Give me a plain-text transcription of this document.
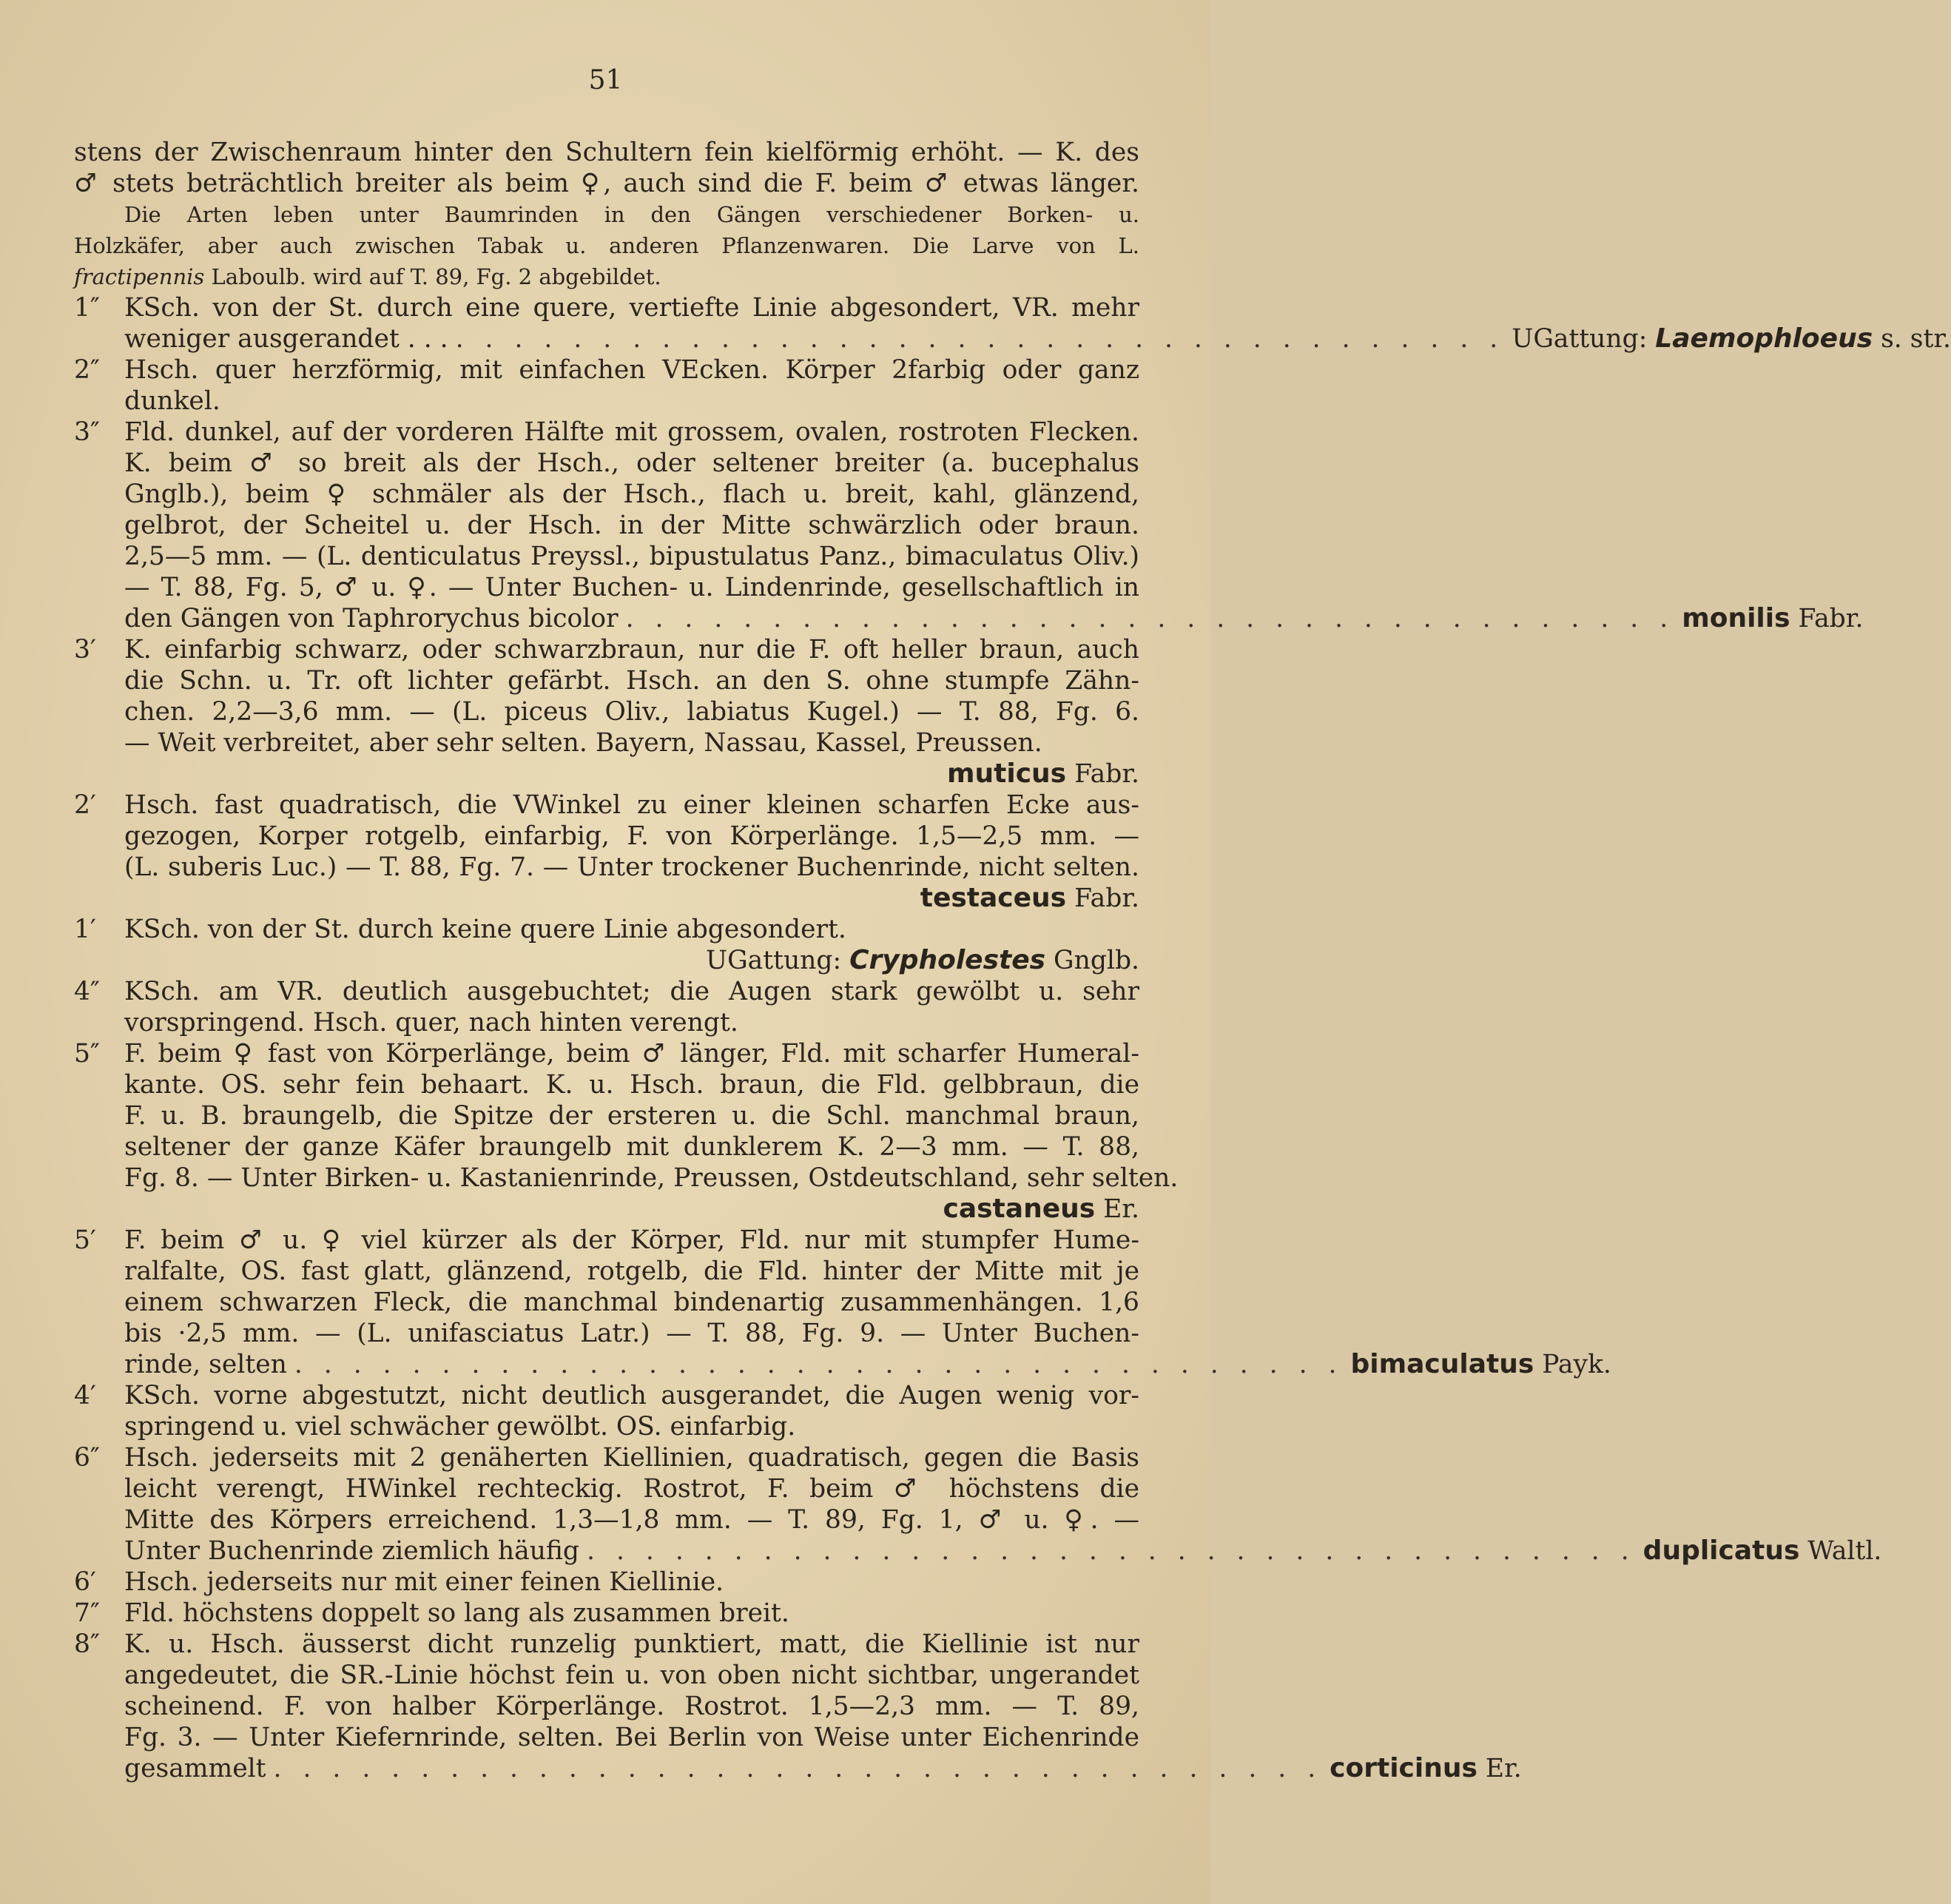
51
stens der Zwischenraum hinter den Schultern fein kielförmig erhöht. — K. des
♂ stets beträchtlich breiter als beim ♀, auch sind die F. beim ♂ etwas länger.
Die Arten leben unter Baumrinden in den Gängen verschiedener Borken- u.
Holzkäfer, aber auch zwischen Tabak u. anderen Pflanzenwaren. Die Larve von L.
fractipennis Laboulb. wird auf T. 89, Fg. 2 abgebildet.
1″ KSch. von der St. durch eine quere, vertiefte Linie abgesondert, VR. mehr
weniger ausgerandet . . . . . . . . . . . . . . . . . . . . . . . . . . . . . . . . . . . . . . . UGattung: Laemophloeus s. str.
2″ Hsch. quer herzförmig, mit einfachen VEcken. Körper 2farbig oder ganz
dunkel.
3″ Fld. dunkel, auf der vorderen Hälfte mit grossem, ovalen, rostroten Flecken.
K. beim ♂ so breit als der Hsch., oder seltener breiter (a. bucephalus
Gnglb.), beim ♀ schmäler als der Hsch., flach u. breit, kahl, glänzend,
gelbrot, der Scheitel u. der Hsch. in der Mitte schwärzlich oder braun.
2,5—5 mm. — (L. denticulatus Preyssl., bipustulatus Panz., bimaculatus Oliv.)
— T. 88, Fg. 5, ♂ u. ♀. — Unter Buchen- u. Lindenrinde, gesellschaftlich in
den Gängen von Taphrorychus bicolor . . . . . . . . . . . . . . . . . . . . . . . . . . . . . . . . . . . . monilis Fabr.
3′ K. einfarbig schwarz, oder schwarzbraun, nur die F. oft heller braun, auch
die Schn. u. Tr. oft lichter gefärbt. Hsch. an den S. ohne stumpfe Zähn-
chen. 2,2—3,6 mm. — (L. piceus Oliv., labiatus Kugel.) — T. 88, Fg. 6.
— Weit verbreitet, aber sehr selten. Bayern, Nassau, Kassel, Preussen.
muticus Fabr.
2′ Hsch. fast quadratisch, die VWinkel zu einer kleinen scharfen Ecke aus-
gezogen, Korper rotgelb, einfarbig, F. von Körperlänge. 1,5—2,5 mm. —
(L. suberis Luc.) — T. 88, Fg. 7. — Unter trockener Buchenrinde, nicht selten.
testaceus Fabr.
1′ KSch. von der St. durch keine quere Linie abgesondert.
UGattung: Crypholestes Gnglb.
4″ KSch. am VR. deutlich ausgebuchtet; die Augen stark gewölbt u. sehr
vorspringend. Hsch. quer, nach hinten verengt.
5″ F. beim ♀ fast von Körperlänge, beim ♂ länger, Fld. mit scharfer Humeral-
kante. OS. sehr fein behaart. K. u. Hsch. braun, die Fld. gelbbraun, die
F. u. B. braungelb, die Spitze der ersteren u. die Schl. manchmal braun,
seltener der ganze Käfer braungelb mit dunklerem K. 2—3 mm. — T. 88,
Fg. 8. — Unter Birken- u. Kastanienrinde, Preussen, Ostdeutschland, sehr selten.
castaneus Er.
5′ F. beim ♂ u. ♀ viel kürzer als der Körper, Fld. nur mit stumpfer Hume-
ralfalte, OS. fast glatt, glänzend, rotgelb, die Fld. hinter der Mitte mit je
einem schwarzen Fleck, die manchmal bindenartig zusammenhängen. 1,6
bis ·2,5 mm. — (L. unifasciatus Latr.) — T. 88, Fg. 9. — Unter Buchen-
rinde, selten . . . . . . . . . . . . . . . . . . . . . . . . . . . . . . . . . . . . bimaculatus Payk.
4′ KSch. vorne abgestutzt, nicht deutlich ausgerandet, die Augen wenig vor-
springend u. viel schwächer gewölbt. OS. einfarbig.
6″ Hsch. jederseits mit 2 genäherten Kiellinien, quadratisch, gegen die Basis
leicht verengt, HWinkel rechteckig. Rostrot, F. beim ♂ höchstens die
Mitte des Körpers erreichend. 1,3—1,8 mm. — T. 89, Fg. 1, ♂ u. ♀. —
Unter Buchenrinde ziemlich häufig . . . . . . . . . . . . . . . . . . . . . . . . . . . . . . . . . . . . duplicatus Waltl.
6′ Hsch. jederseits nur mit einer feinen Kiellinie.
7″ Fld. höchstens doppelt so lang als zusammen breit.
8″ K. u. Hsch. äusserst dicht runzelig punktiert, matt, die Kiellinie ist nur
angedeutet, die SR.-Linie höchst fein u. von oben nicht sichtbar, ungerandet
scheinend. F. von halber Körperlänge. Rostrot. 1,5—2,3 mm. — T. 89,
Fg. 3. — Unter Kiefernrinde, selten. Bei Berlin von Weise unter Eichenrinde
gesammelt . . . . . . . . . . . . . . . . . . . . . . . . . . . . . . . . . . . . corticinus Er.
